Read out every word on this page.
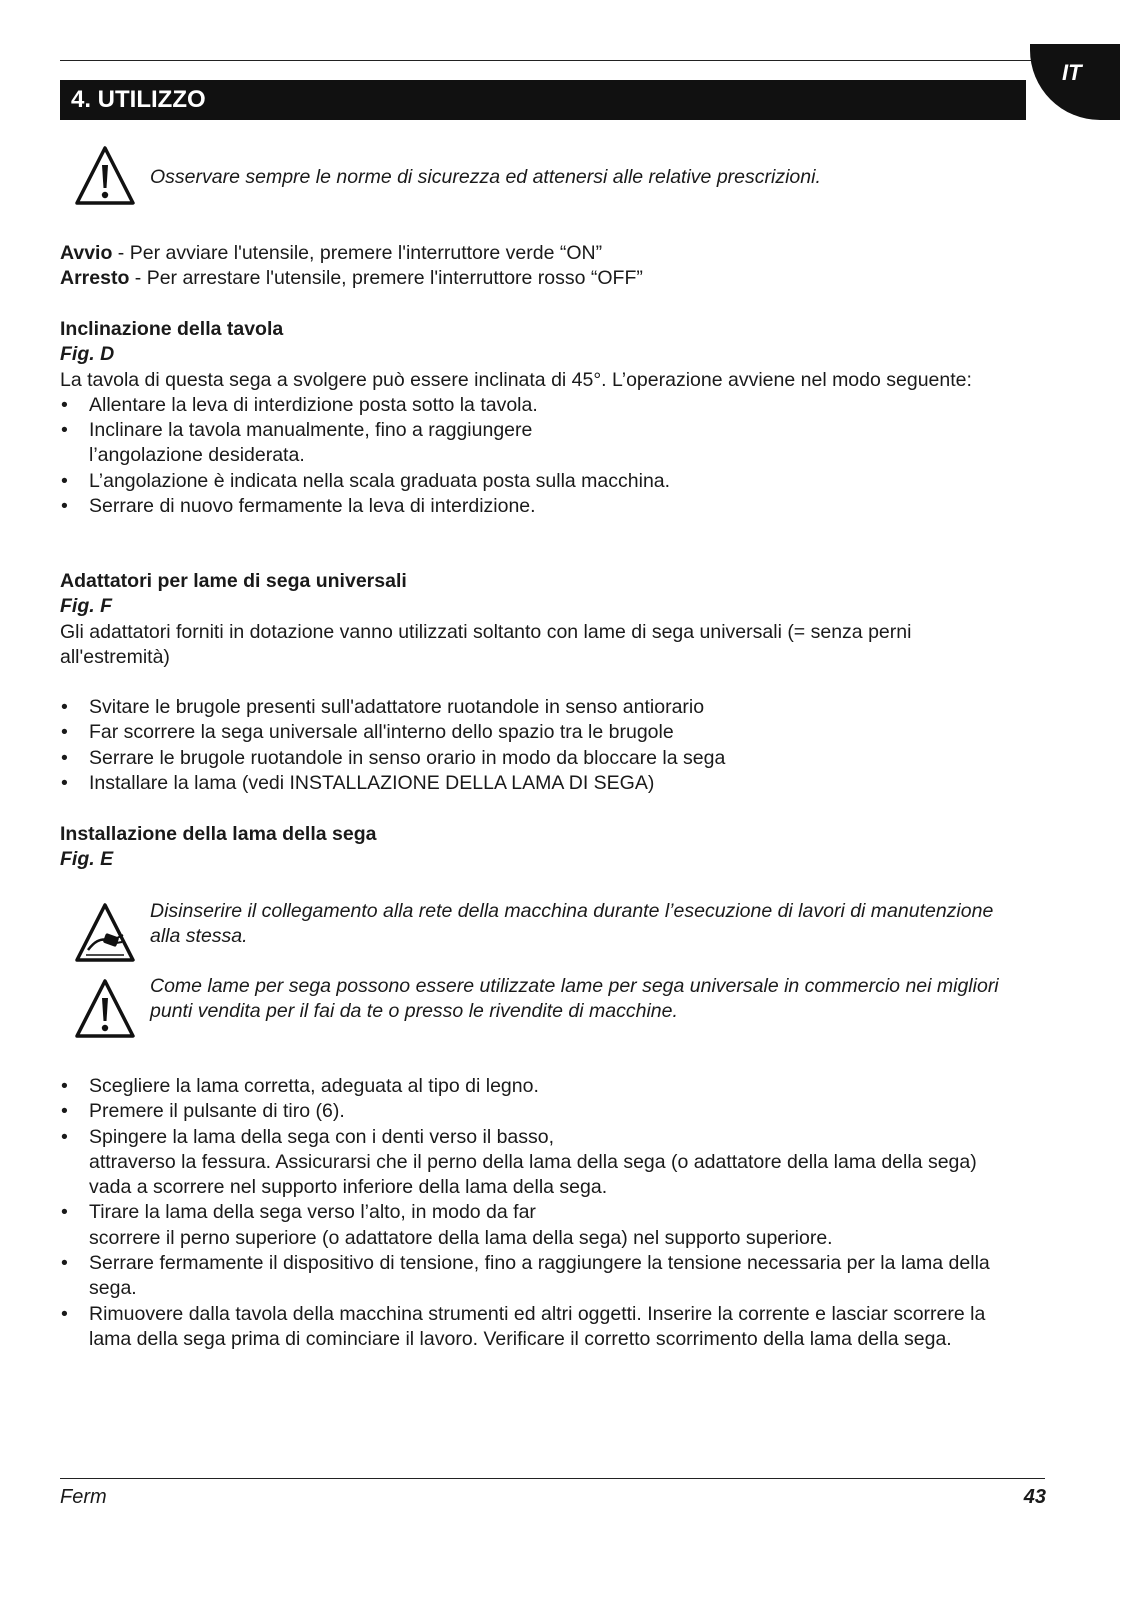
IT
4. UTILIZZO
Osservare sempre le norme di sicurezza ed attenersi alle relative prescrizioni.

Avvio - Per avviare l'utensile, premere l'interruttore verde “ON”

Arresto - Per arrestare l'utensile, premere l'interruttore rosso “OFF”

Inclinazione della tavola

Fig. D

La tavola di questa sega a svolgere può essere inclinata di 45°. L’operazione avviene nel modo seguente:

• Allentare la leva di interdizione posta sotto la tavola.
• Inclinare la tavola manualmente, fino a raggiungere l’angolazione desiderata.
• L’angolazione è indicata nella scala graduata posta sulla macchina.
• Serrare di nuovo fermamente la leva di interdizione.

Adattatori per lame di sega universali

Fig. F

Gli adattatori forniti in dotazione vanno utilizzati soltanto con lame di sega universali (= senza perni all'estremità)

• Svitare le brugole presenti sull'adattatore ruotandole in senso antiorario
• Far scorrere la sega universale all'interno dello spazio tra le brugole
• Serrare le brugole ruotandole in senso orario in modo da bloccare la sega
• Installare la lama (vedi INSTALLAZIONE DELLA LAMA DI SEGA)

Installazione della lama della sega

Fig. E

Disinserire il collegamento alla rete della macchina durante l’esecuzione di lavori di manutenzione alla stessa.
Come lame per sega possono essere utilizzate lame per sega universale in commercio nei migliori punti vendita per il fai da te o presso le rivendite di macchine.
• Scegliere la lama corretta, adeguata al tipo di legno.
• Premere il pulsante di tiro (6).
• Spingere la lama della sega con i denti verso il basso,
attraverso la fessura. Assicurarsi che il perno della lama della sega (o adattatore della lama della sega) vada a scorrere nel supporto inferiore della lama della sega.
• Tirare la lama della sega verso l’alto, in modo da far
scorrere il perno superiore (o adattatore della lama della sega) nel supporto superiore.
• Serrare fermamente il dispositivo di tensione, fino a raggiungere la tensione necessaria per la lama della sega.
• Rimuovere dalla tavola della macchina strumenti ed altri oggetti. Inserire la corrente e lasciar scorrere la lama della sega prima di cominciare il lavoro. Verificare il corretto scorrimento della lama della sega.
Ferm	43
